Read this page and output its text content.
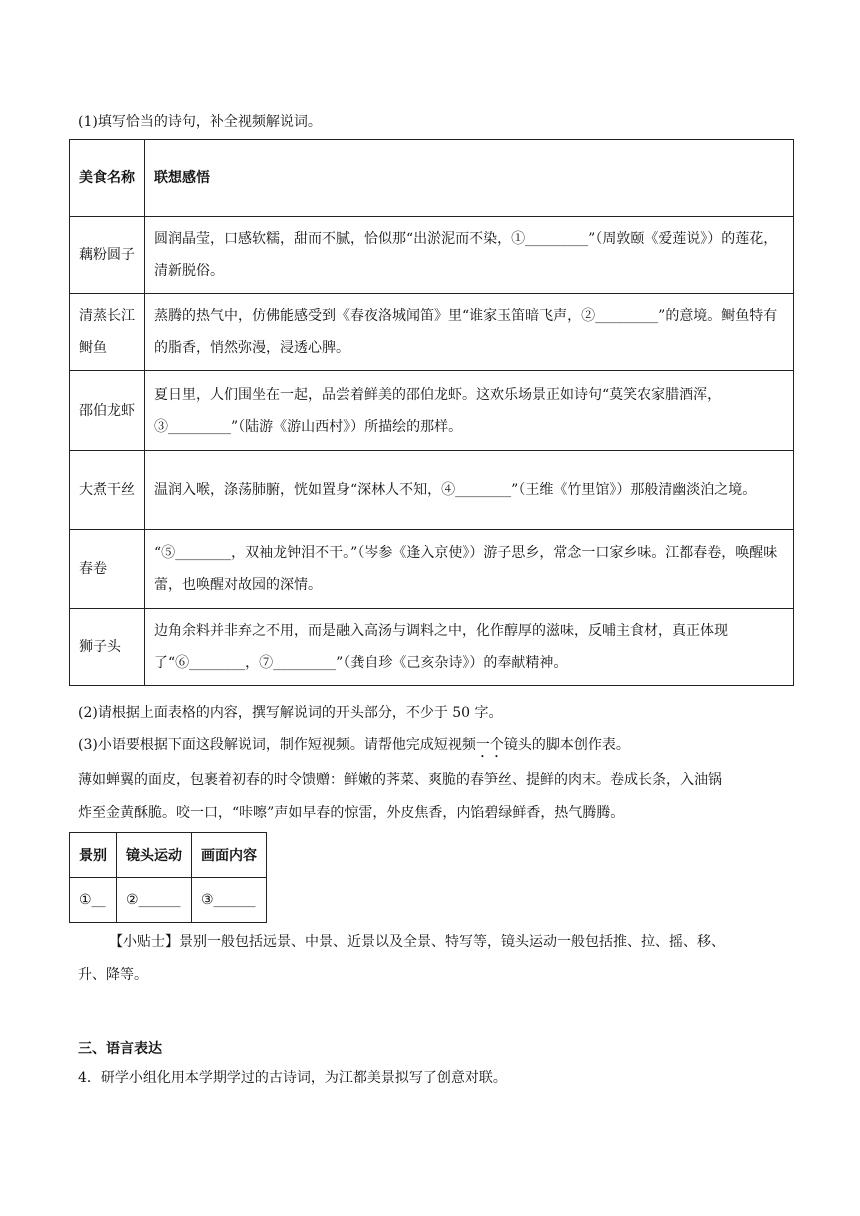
(1)填写恰当的诗句，补全视频解说词。
美食名称	联想感悟
藕粉圆子	圆润晶莹，口感软糯，甜而不腻，恰似那“出淤泥而不染，①_________”（周敦颐《爱莲说》）的莲花，清新脱俗。
清蒸长江鲥鱼	蒸腾的热气中，仿佛能感受到《春夜洛城闻笛》里“谁家玉笛暗飞声，②_________”的意境。鲥鱼特有的脂香，悄然弥漫，浸透心脾。
邵伯龙虾	夏日里，人们围坐在一起，品尝着鲜美的邵伯龙虾。这欢乐场景正如诗句“莫笑农家腊酒浑，③_________”（陆游《游山西村》）所描绘的那样。
大煮干丝	温润入喉，涤荡肺腑，恍如置身“深林人不知，④________”（王维《竹里馆》）那般清幽淡泊之境。
春卷	“⑤________，双袖龙钟泪不干。”（岑参《逢入京使》）游子思乡，常念一口家乡味。江都春卷，唤醒味蕾，也唤醒对故园的深情。
狮子头	边角余料并非弃之不用，而是融入高汤与调料之中，化作醇厚的滋味，反哺主食材，真正体现了“⑥________，⑦_________”（龚自珍《己亥杂诗》）的奉献精神。
(2)请根据上面表格的内容，撰写解说词的开头部分，不少于 50 字。
(3)小语要根据下面这段解说词，制作短视频。请帮他完成短视频一个镜头的脚本创作表。
薄如蝉翼的面皮，包裹着初春的时令馈赠：鲜嫩的荠菜、爽脆的春笋丝、提鲜的肉末。卷成长条，入油锅
炸至金黄酥脆。咬一口，“咔嚓”声如早春的惊雷，外皮焦香，内馅碧绿鲜香，热气腾腾。
景别	镜头运动	画面内容
①__	②______	③______
【小贴士】景别一般包括远景、中景、近景以及全景、特写等，镜头运动一般包括推、拉、摇、移、
升、降等。
三、语言表达
4．研学小组化用本学期学过的古诗词，为江都美景拟写了创意对联。
